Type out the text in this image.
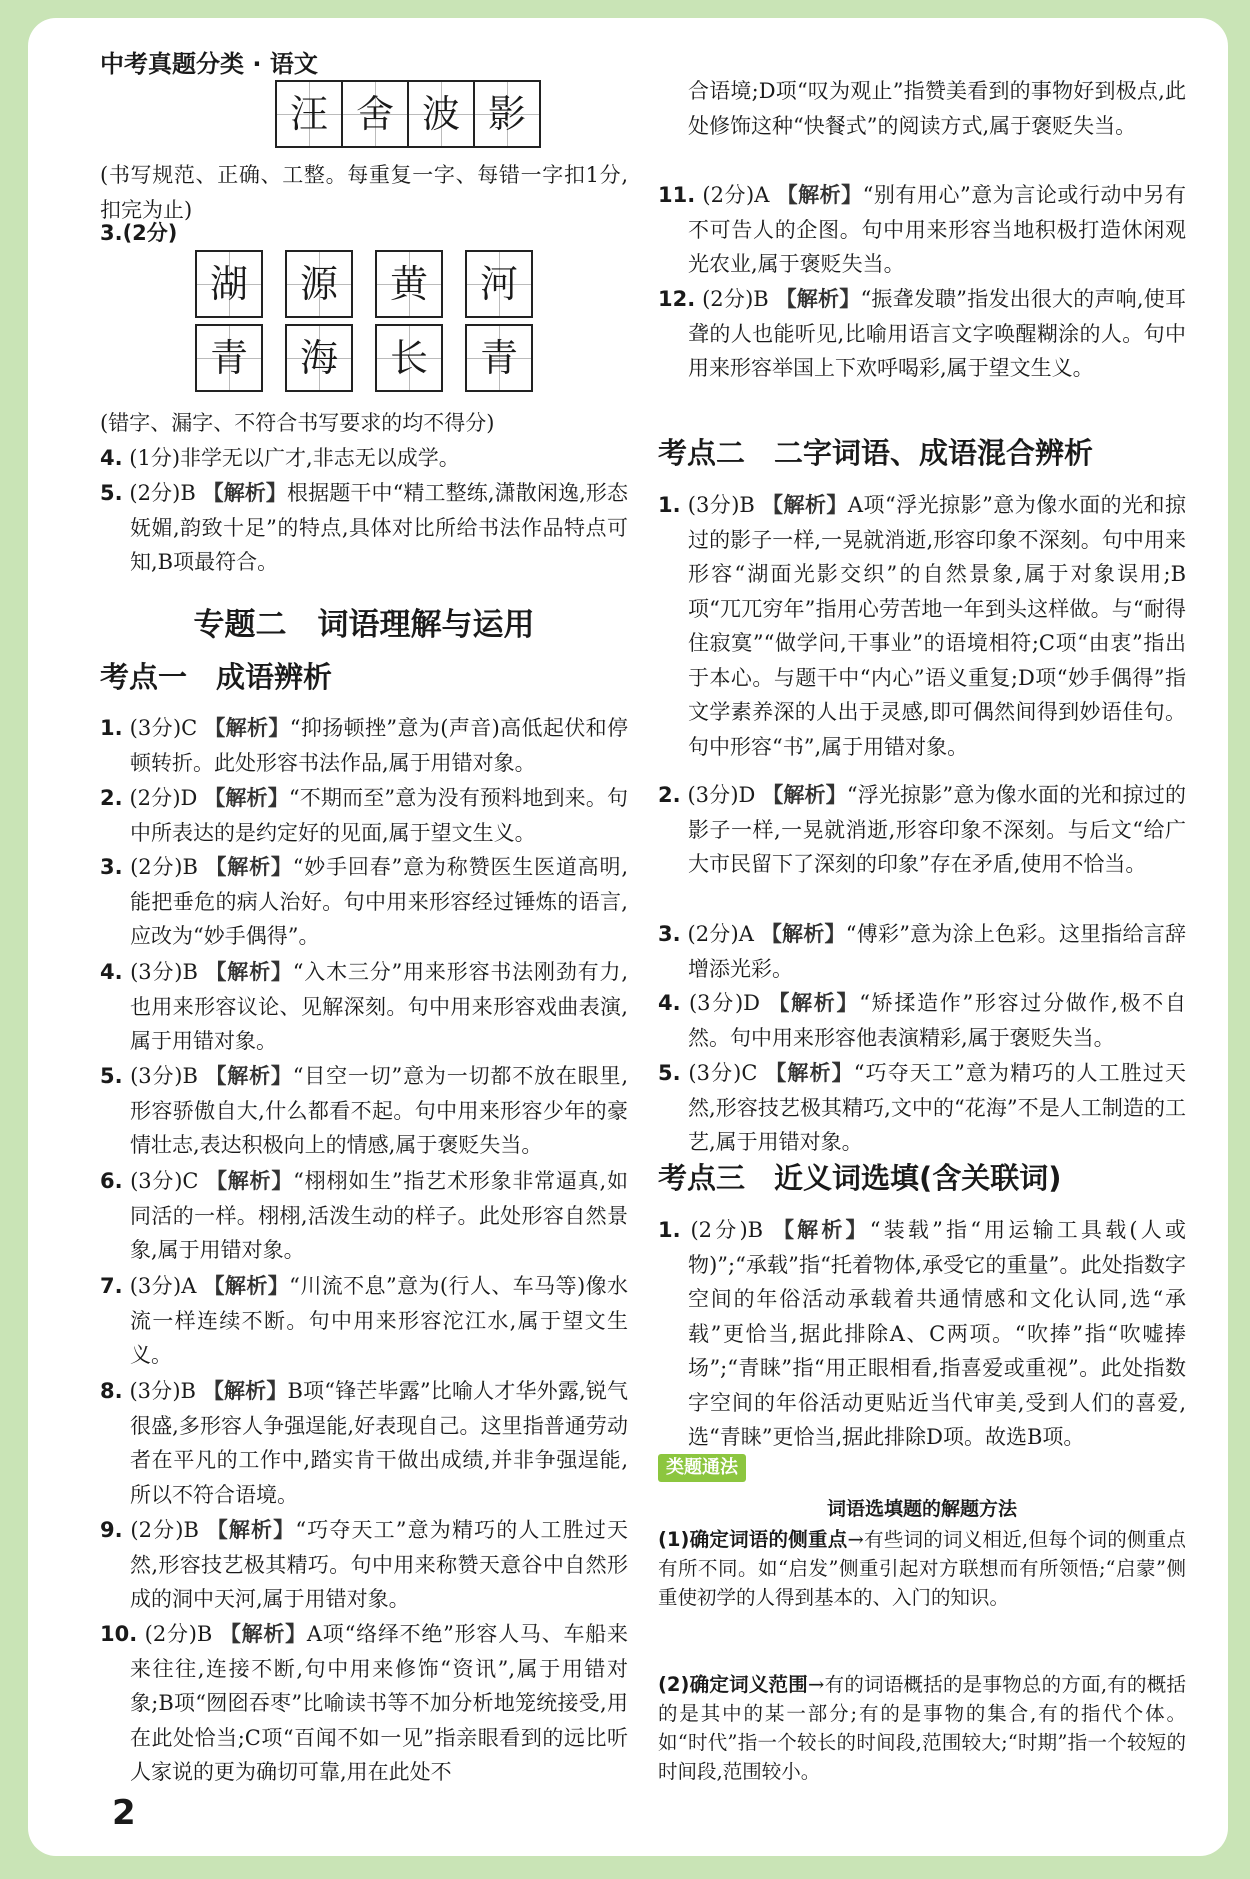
中考真题分类 · 语文
汪 舍 波 影
(书写规范、正确、工整。每重复一字、每错一字扣1分,扣完为止)
3.(2分)
湖	源	黄	河
青	海	长	青
(错字、漏字、不符合书写要求的均不得分)
4. (1分)非学无以广才,非志无以成学。
5. (2分)B 【解析】根据题干中“精工整练,潇散闲逸,形态妩媚,韵致十足”的特点,具体对比所给书法作品特点可知,B项最符合。
专题二　词语理解与运用
考点一　成语辨析
1. (3分)C 【解析】“抑扬顿挫”意为(声音)高低起伏和停顿转折。此处形容书法作品,属于用错对象。
2. (2分)D 【解析】“不期而至”意为没有预料地到来。句中所表达的是约定好的见面,属于望文生义。
3. (2分)B 【解析】“妙手回春”意为称赞医生医道高明,能把垂危的病人治好。句中用来形容经过锤炼的语言,应改为“妙手偶得”。
4. (3分)B 【解析】“入木三分”用来形容书法刚劲有力,也用来形容议论、见解深刻。句中用来形容戏曲表演,属于用错对象。
5. (3分)B 【解析】“目空一切”意为一切都不放在眼里,形容骄傲自大,什么都看不起。句中用来形容少年的豪情壮志,表达积极向上的情感,属于褒贬失当。
6. (3分)C 【解析】“栩栩如生”指艺术形象非常逼真,如同活的一样。栩栩,活泼生动的样子。此处形容自然景象,属于用错对象。
7. (3分)A 【解析】“川流不息”意为(行人、车马等)像水流一样连续不断。句中用来形容沱江水,属于望文生义。
8. (3分)B 【解析】B项“锋芒毕露”比喻人才华外露,锐气很盛,多形容人争强逞能,好表现自己。这里指普通劳动者在平凡的工作中,踏实肯干做出成绩,并非争强逞能,所以不符合语境。
9. (2分)B 【解析】“巧夺天工”意为精巧的人工胜过天然,形容技艺极其精巧。句中用来称赞天意谷中自然形成的洞中天河,属于用错对象。
10. (2分)B 【解析】A项“络绎不绝”形容人马、车船来来往往,连接不断,句中用来修饰“资讯”,属于用错对象;B项“囫囵吞枣”比喻读书等不加分析地笼统接受,用在此处恰当;C项“百闻不如一见”指亲眼看到的远比听人家说的更为确切可靠,用在此处不
合语境;D项“叹为观止”指赞美看到的事物好到极点,此处修饰这种“快餐式”的阅读方式,属于褒贬失当。
11. (2分)A 【解析】“别有用心”意为言论或行动中另有不可告人的企图。句中用来形容当地积极打造休闲观光农业,属于褒贬失当。
12. (2分)B 【解析】“振聋发聩”指发出很大的声响,使耳聋的人也能听见,比喻用语言文字唤醒糊涂的人。句中用来形容举国上下欢呼喝彩,属于望文生义。
考点二　二字词语、成语混合辨析
1. (3分)B 【解析】A项“浮光掠影”意为像水面的光和掠过的影子一样,一晃就消逝,形容印象不深刻。句中用来形容“湖面光影交织”的自然景象,属于对象误用;B项“兀兀穷年”指用心劳苦地一年到头这样做。与“耐得住寂寞”“做学问,干事业”的语境相符;C项“由衷”指出于本心。与题干中“内心”语义重复;D项“妙手偶得”指文学素养深的人出于灵感,即可偶然间得到妙语佳句。句中形容“书”,属于用错对象。
2. (3分)D 【解析】“浮光掠影”意为像水面的光和掠过的影子一样,一晃就消逝,形容印象不深刻。与后文“给广大市民留下了深刻的印象”存在矛盾,使用不恰当。
3. (2分)A 【解析】“傅彩”意为涂上色彩。这里指给言辞增添光彩。
4. (3分)D 【解析】“矫揉造作”形容过分做作,极不自然。句中用来形容他表演精彩,属于褒贬失当。
5. (3分)C 【解析】“巧夺天工”意为精巧的人工胜过天然,形容技艺极其精巧,文中的“花海”不是人工制造的工艺,属于用错对象。
考点三　近义词选填(含关联词)
1. (2分)B 【解析】“装载”指“用运输工具载(人或物)”;“承载”指“托着物体,承受它的重量”。此处指数字空间的年俗活动承载着共通情感和文化认同,选“承载”更恰当,据此排除A、C两项。“吹捧”指“吹嘘捧场”;“青睐”指“用正眼相看,指喜爱或重视”。此处指数字空间的年俗活动更贴近当代审美,受到人们的喜爱,选“青睐”更恰当,据此排除D项。故选B项。
类题通法
词语选填题的解题方法
(1)确定词语的侧重点→有些词的词义相近,但每个词的侧重点有所不同。如“启发”侧重引起对方联想而有所领悟;“启蒙”侧重使初学的人得到基本的、入门的知识。
(2)确定词义范围→有的词语概括的是事物总的方面,有的概括的是其中的某一部分;有的是事物的集合,有的指代个体。如“时代”指一个较长的时间段,范围较大;“时期”指一个较短的时间段,范围较小。
2
